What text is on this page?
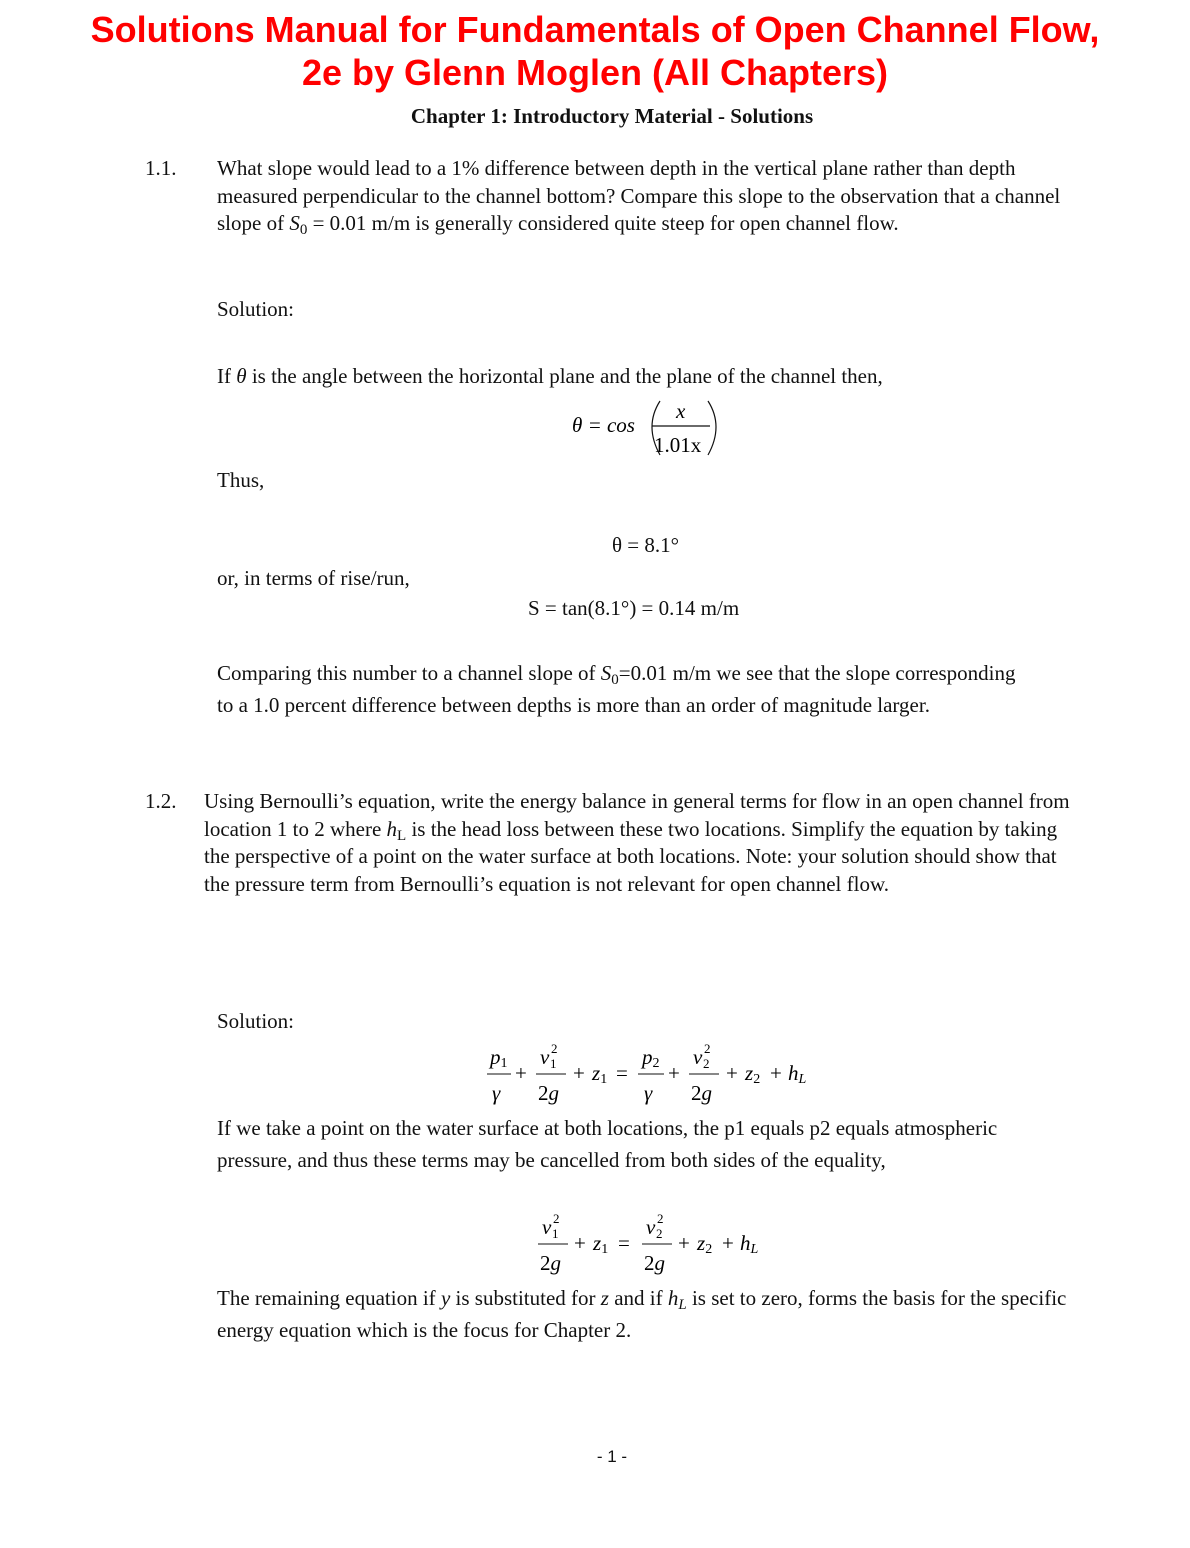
Solutions Manual for Fundamentals of Open Channel Flow,
2e by Glenn Moglen (All Chapters)
Chapter 1: Introductory Material - Solutions
1.1. What slope would lead to a 1% difference between depth in the vertical plane rather than depth measured perpendicular to the channel bottom? Compare this slope to the observation that a channel slope of $S_0 = 0.01$ m/m is generally considered quite steep for open channel flow.
Solution:
If θ is the angle between the horizontal plane and the plane of the channel then,
θ = cos
x
1.01x
Thus,
θ = 8.1°
or, in terms of rise/run,
S = tan(8.1°) = 0.14 m/m
Comparing this number to a channel slope of $S_0=0.01$ m/m we see that the slope corresponding to a 1.0 percent difference between depths is more than an order of magnitude larger.
1.2. Using Bernoulli’s equation, write the energy balance in general terms for flow in an open channel from location 1 to 2 where $h_L$ is the head loss between these two locations. Simplify the equation by taking the perspective of a point on the water surface at both locations. Note: your solution should show that the pressure term from Bernoulli’s equation is not relevant for open channel flow.
Solution:
p1
γ
+
v 2
1
2g
+ z1 =
p2
γ
+
v 2
2
2g
+ z2 + hL
If we take a point on the water surface at both locations, the p1 equals p2 equals atmospheric pressure, and thus these terms may be cancelled from both sides of the equality,
v 2
1
2g
+ z1 =
v 2
2
2g
+ z2 + hL
The remaining equation if y is substituted for z and if $h_L$ is set to zero, forms the basis for the specific energy equation which is the focus for Chapter 2.
- 1 -
